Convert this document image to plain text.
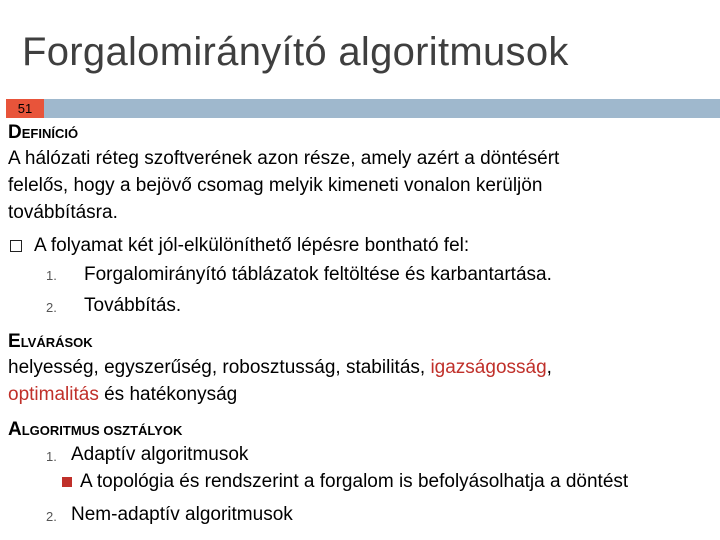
Forgalomirányító algoritmusok
51
DEFINÍCIÓ
A hálózati réteg szoftverének azon része, amely azért a döntésért
felelős, hogy a bejövő csomag melyik kimeneti vonalon kerüljön
továbbításra.
A folyamat két jól-elkülöníthető lépésre bontható fel:
1. Forgalomirányító táblázatok feltöltése és karbantartása.
2. Továbbítás.
ELVÁRÁSOK
helyesség, egyszerűség, robosztusság, stabilitás, igazságosság,
optimalitás és hatékonyság
ALGORITMUS OSZTÁLYOK
1. Adaptív algoritmusok
A topológia és rendszerint a forgalom is befolyásolhatja a döntést
2. Nem-adaptív algoritmusok
